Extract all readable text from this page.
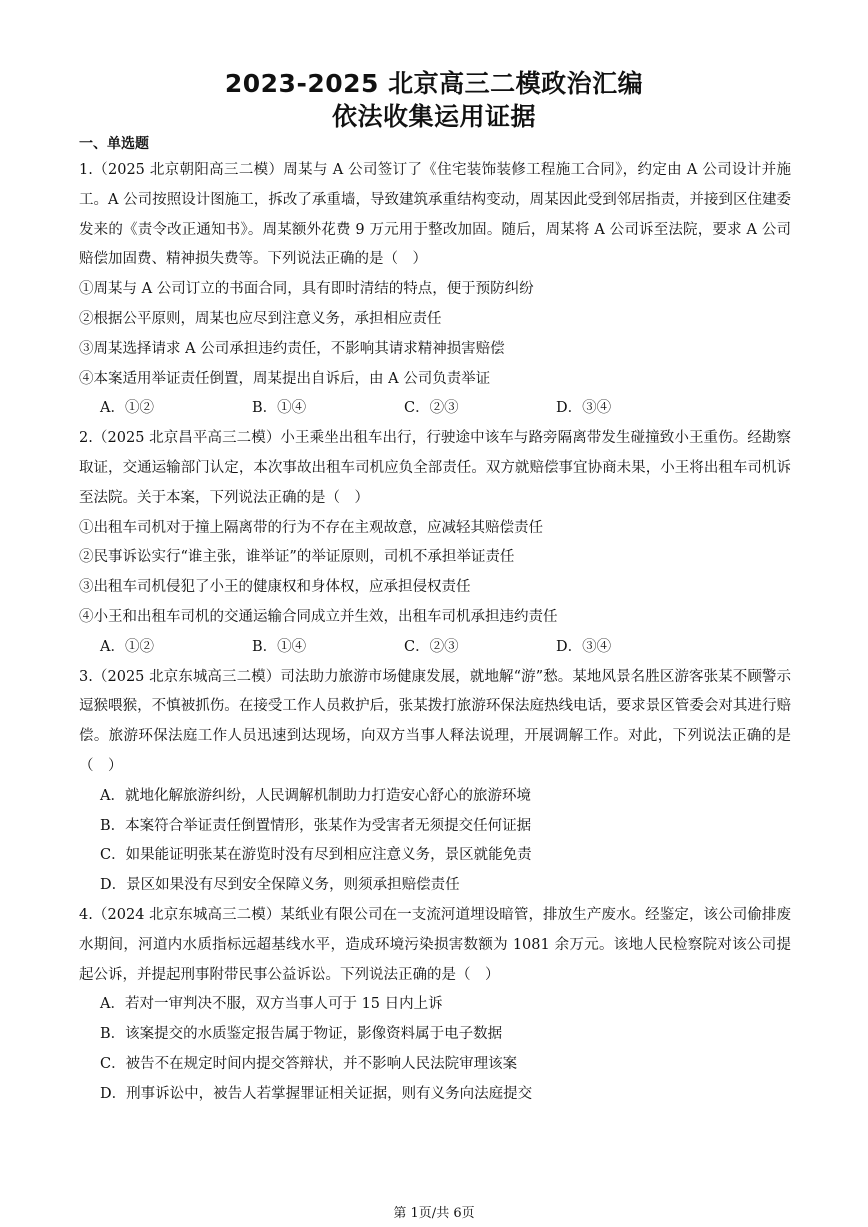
2023-2025 北京高三二模政治汇编
依法收集运用证据
一、单选题
1.（2025 北京朝阳高三二模）周某与 A 公司签订了《住宅装饰装修工程施工合同》，约定由 A 公司设计并施工。A 公司按照设计图施工，拆改了承重墙，导致建筑承重结构变动，周某因此受到邻居指责，并接到区住建委发来的《责令改正通知书》。周某额外花费 9 万元用于整改加固。随后，周某将 A 公司诉至法院，要求 A 公司赔偿加固费、精神损失费等。下列说法正确的是（　）
①周某与 A 公司订立的书面合同，具有即时清结的特点，便于预防纠纷
②根据公平原则，周某也应尽到注意义务，承担相应责任
③周某选择请求 A 公司承担违约责任，不影响其请求精神损害赔偿
④本案适用举证责任倒置，周某提出自诉后，由 A 公司负责举证
A．①②	B．①④	C．②③	D．③④
2.（2025 北京昌平高三二模）小王乘坐出租车出行，行驶途中该车与路旁隔离带发生碰撞致小王重伤。经勘察取证，交通运输部门认定，本次事故出租车司机应负全部责任。双方就赔偿事宜协商未果，小王将出租车司机诉至法院。关于本案，下列说法正确的是（　）
①出租车司机对于撞上隔离带的行为不存在主观故意，应减轻其赔偿责任
②民事诉讼实行“谁主张，谁举证”的举证原则，司机不承担举证责任
③出租车司机侵犯了小王的健康权和身体权，应承担侵权责任
④小王和出租车司机的交通运输合同成立并生效，出租车司机承担违约责任
A．①②	B．①④	C．②③	D．③④
3.（2025 北京东城高三二模）司法助力旅游市场健康发展，就地解“游”愁。某地风景名胜区游客张某不顾警示逗猴喂猴，不慎被抓伤。在接受工作人员救护后，张某拨打旅游环保法庭热线电话，要求景区管委会对其进行赔偿。旅游环保法庭工作人员迅速到达现场，向双方当事人释法说理，开展调解工作。对此，下列说法正确的是（　）
A．就地化解旅游纠纷，人民调解机制助力打造安心舒心的旅游环境
B．本案符合举证责任倒置情形，张某作为受害者无须提交任何证据
C．如果能证明张某在游览时没有尽到相应注意义务，景区就能免责
D．景区如果没有尽到安全保障义务，则须承担赔偿责任
4.（2024 北京东城高三二模）某纸业有限公司在一支流河道埋设暗管，排放生产废水。经鉴定，该公司偷排废水期间，河道内水质指标远超基线水平，造成环境污染损害数额为 1081 余万元。该地人民检察院对该公司提起公诉，并提起刑事附带民事公益诉讼。下列说法正确的是（　）
A．若对一审判决不服，双方当事人可于 15 日内上诉
B．该案提交的水质鉴定报告属于物证，影像资料属于电子数据
C．被告不在规定时间内提交答辩状，并不影响人民法院审理该案
D．刑事诉讼中，被告人若掌握罪证相关证据，则有义务向法庭提交
第 1页/共 6页
